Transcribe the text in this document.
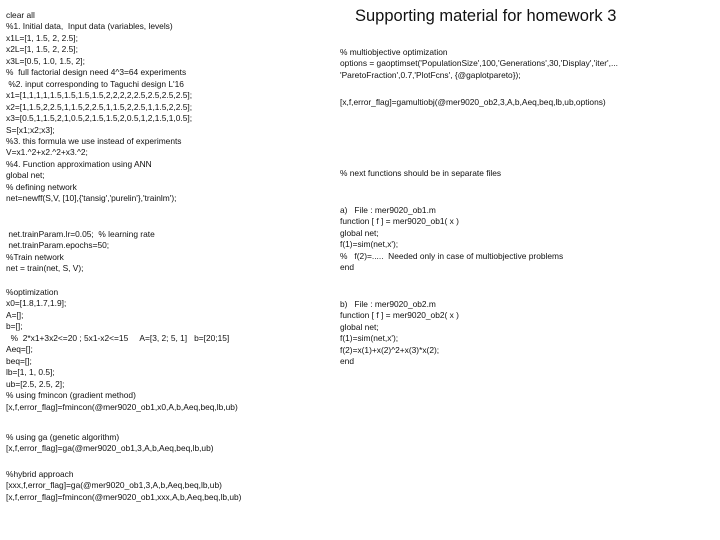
Supporting material for homework 3
clear all
%1. Initial data,  Input data (variables, levels)
x1L=[1, 1.5, 2, 2.5];
x2L=[1, 1.5, 2, 2.5];
x3L=[0.5, 1.0, 1.5, 2];
%  full factorial design need 4^3=64 experiments
%2. input corresponding to Taguchi design L'16
x1=[1,1,1,1,1.5,1.5,1.5,1.5,2,2,2,2,2.5,2.5,2.5,2.5];
x2=[1,1.5,2,2.5,1,1.5,2,2.5,1,1.5,2,2.5,1,1.5,2,2.5];
x3=[0.5,1,1.5,2,1,0.5,2,1.5,1.5,2,0.5,1,2,1.5,1,0.5];
S=[x1;x2;x3];
%3. this formula we use instead of experiments
V=x1.^2+x2.^2+x3.^2;
%4. Function approximation using ANN
global net;
% defining network
net=newff(S,V, [10],{'tansig','purelin'},'trainlm');
net.trainParam.lr=0.05;  % learning rate
net.trainParam.epochs=50;
%Train network
net = train(net, S, V);
%optimization
x0=[1.8,1.7,1.9];
A=[];
b=[];
%  2*x1+3x2<=20 ; 5x1-x2<=15     A=[3, 2; 5, 1]   b=[20;15]
Aeq=[];
beq=[];
lb=[1, 1, 0.5];
ub=[2.5, 2.5, 2];
% using fmincon (gradient method)
[x,f,error_flag]=fmincon(@mer9020_ob1,x0,A,b,Aeq,beq,lb,ub)
% using ga (genetic algorithm)
[x,f,error_flag]=ga(@mer9020_ob1,3,A,b,Aeq,beq,lb,ub)
%hybrid approach
[xxx,f,error_flag]=ga(@mer9020_ob1,3,A,b,Aeq,beq,lb,ub)
[x,f,error_flag]=fmincon(@mer9020_ob1,xxx,A,b,Aeq,beq,lb,ub)
% multiobjective optimization
options = gaoptimset('PopulationSize',100,'Generations',30,'Display','iter',...
'ParetoFraction',0.7,'PlotFcns', {@gaplotpareto});
[x,f,error_flag]=gamultiobj(@mer9020_ob2,3,A,b,Aeq,beq,lb,ub,options)
% next functions should be in separate files
a)   File : mer9020_ob1.m
function [ f ] = mer9020_ob1( x )
global net;
f(1)=sim(net,x');
%   f(2)=.....  Needed only in case of multiobjective problems
end
b)   File : mer9020_ob2.m
function [ f ] = mer9020_ob2( x )
global net;
f(1)=sim(net,x');
f(2)=x(1)+x(2)^2+x(3)*x(2);
end
